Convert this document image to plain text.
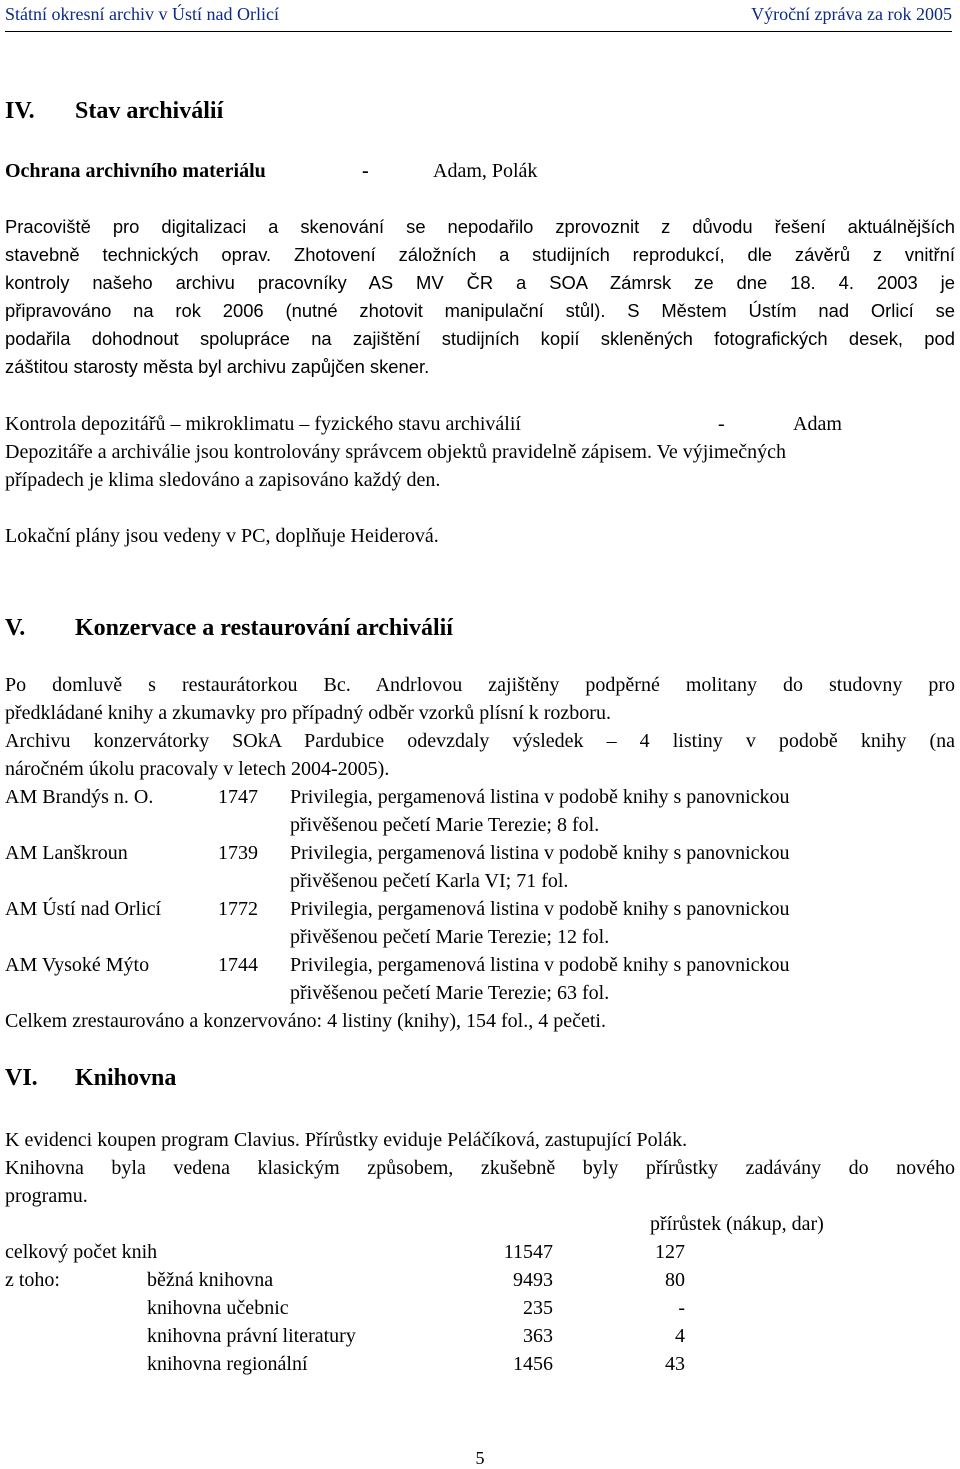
Státní okresní archiv v Ústí nad Orlicí	Výroční zpráva za rok 2005
IV. Stav archiválií
Ochrana archivního materiálu	-	Adam, Polák
Pracoviště pro digitalizaci a skenování se nepodařilo zprovoznit z důvodu řešení aktuálnějších
stavebně technických oprav. Zhotovení záložních a studijních reprodukcí, dle závěrů z vnitřní
kontroly našeho archivu pracovníky AS MV ČR a SOA Zámrsk ze dne 18. 4. 2003 je
připravováno na rok 2006 (nutné zhotovit manipulační stůl). S Městem Ústím nad Orlicí se
podařila dohodnout spolupráce na zajištění studijních kopií skleněných fotografických desek, pod
záštitou starosty města byl archivu zapůjčen skener.
Kontrola depozitářů – mikroklimatu – fyzického stavu archiválií	-	Adam
Depozitáře a archiválie jsou kontrolovány správcem objektů pravidelně zápisem. Ve výjimečných
případech je klima sledováno a zapisováno každý den.
Lokační plány jsou vedeny v PC, doplňuje Heiderová.
V. Konzervace a restaurování archiválií
Po domluvě s restaurátorkou Bc. Andrlovou zajištěny podpěrné molitany do studovny pro
předkládané knihy a zkumavky pro případný odběr vzorků plísní k rozboru.
Archivu konzervátorky SOkA Pardubice odevzdaly výsledek – 4 listiny v podobě knihy (na
náročném úkolu pracovaly v letech 2004-2005).
AM Brandýs n. O.	1747 Privilegia, pergamenová listina v podobě knihy s panovnickou
přivěšenou pečetí Marie Terezie; 8 fol.
AM Lanškroun	1739 Privilegia, pergamenová listina v podobě knihy s panovnickou
přivěšenou pečetí Karla VI; 71 fol.
AM Ústí nad Orlicí	1772 Privilegia, pergamenová listina v podobě knihy s panovnickou
přivěšenou pečetí Marie Terezie; 12 fol.
AM Vysoké Mýto	1744 Privilegia, pergamenová listina v podobě knihy s panovnickou
přivěšenou pečetí Marie Terezie; 63 fol.
Celkem zrestaurováno a konzervováno: 4 listiny (knihy), 154 fol., 4 pečeti.
VI. Knihovna
K evidenci koupen program Clavius. Přírůstky eviduje Peláčíková, zastupující Polák.
Knihovna byla vedena klasickým způsobem, zkušebně byly přírůstky zadávány do nového
programu.
přírůstek (nákup, dar)
celkový počet knih	11547	127
z toho:	běžná knihovna	9493	80
knihovna učebnic	235	-
knihovna právní literatury	363	4
knihovna regionální	1456	43
5
